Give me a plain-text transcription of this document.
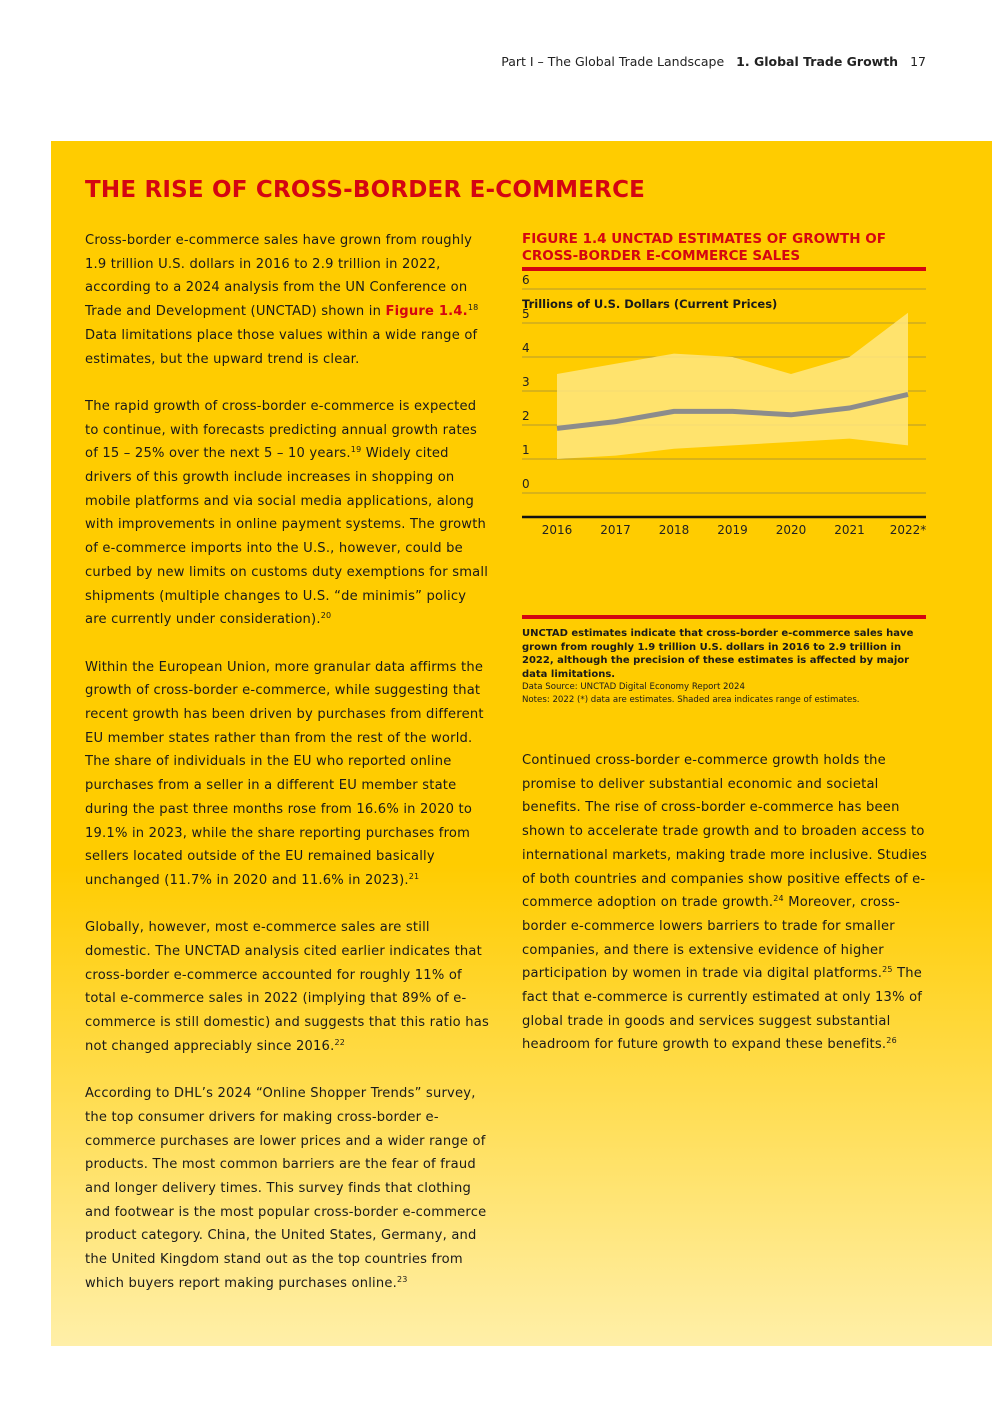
Part I – The Global Trade Landscape 1. Global Trade Growth 17
THE RISE OF CROSS-BORDER E-COMMERCE

Cross-border e-commerce sales have grown from roughly 1.9 trillion U.S. dollars in 2016 to 2.9 trillion in 2022, according to a 2024 analysis from the UN Conference on Trade and Development (UNCTAD) shown in Figure 1.4.18 Data limitations place those values within a wide range of estimates, but the upward trend is clear.

The rapid growth of cross-border e-commerce is expected to continue, with forecasts predicting annual growth rates of 15 – 25% over the next 5 – 10 years.$^{19}$ Widely cited drivers of this growth include increases in shopping on mobile platforms and via social media applications, along with improvements in online payment systems. The growth of e-commerce imports into the U.S., however, could be curbed by new limits on customs duty exemptions for small shipments (multiple changes to U.S. “de minimis” policy are currently under consideration).$^{20}$

Within the European Union, more granular data affirms the growth of cross-border e-commerce, while suggesting that recent growth has been driven by purchases from different EU member states rather than from the rest of the world. The share of individuals in the EU who reported online purchases from a seller in a different EU member state during the past three months rose from 16.6% in 2020 to 19.1% in 2023, while the share reporting purchases from sellers located outside of the EU remained basically unchanged (11.7% in 2020 and 11.6% in 2023).$^{21}$

Globally, however, most e-commerce sales are still domestic. The UNCTAD analysis cited earlier indicates that cross-border e-commerce accounted for roughly 11% of total e-commerce sales in 2022 (implying that 89% of e-commerce is still domestic) and suggests that this ratio has not changed appreciably since 2016.22

According to DHL’s 2024 “Online Shopper Trends” survey, the top consumer drivers for making cross-border e-commerce purchases are lower prices and a wider range of products. The most common barriers are the fear of fraud and longer delivery times. This survey finds that clothing and footwear is the most popular cross-border e-commerce product category. China, the United States, Germany, and the United Kingdom stand out as the top countries from which buyers report making purchases online.$^{23}$

FIGURE 1.4 UNCTAD ESTIMATES OF GROWTH OF
CROSS-BORDER E-COMMERCE SALES

Trillions of U.S. Dollars (Current Prices)
6
5
4
3
2
1
0
2016 2017 2018 2019 2020 2021 2022*

UNCTAD estimates indicate that cross-border e-commerce sales have grown from roughly 1.9 trillion U.S. dollars in 2016 to 2.9 trillion in 2022, although the precision of these estimates is affected by major data limitations.

Data Source: UNCTAD Digital Economy Report 2024

Notes: 2022 (*) data are estimates. Shaded area indicates range of estimates.

Continued cross-border e-commerce growth holds the promise to deliver substantial economic and societal benefits. The rise of cross-border e-commerce has been shown to accelerate trade growth and to broaden access to international markets, making trade more inclusive. Studies of both countries and companies show positive effects of e-commerce adoption on trade growth.$^{24}$ Moreover, cross-border e-commerce lowers barriers to trade for smaller companies, and there is extensive evidence of higher participation by women in trade via digital platforms.$^{25}$ The fact that e-commerce is currently estimated at only 13% of global trade in goods and services suggest substantial headroom for future growth to expand these benefits.$^{26}$
